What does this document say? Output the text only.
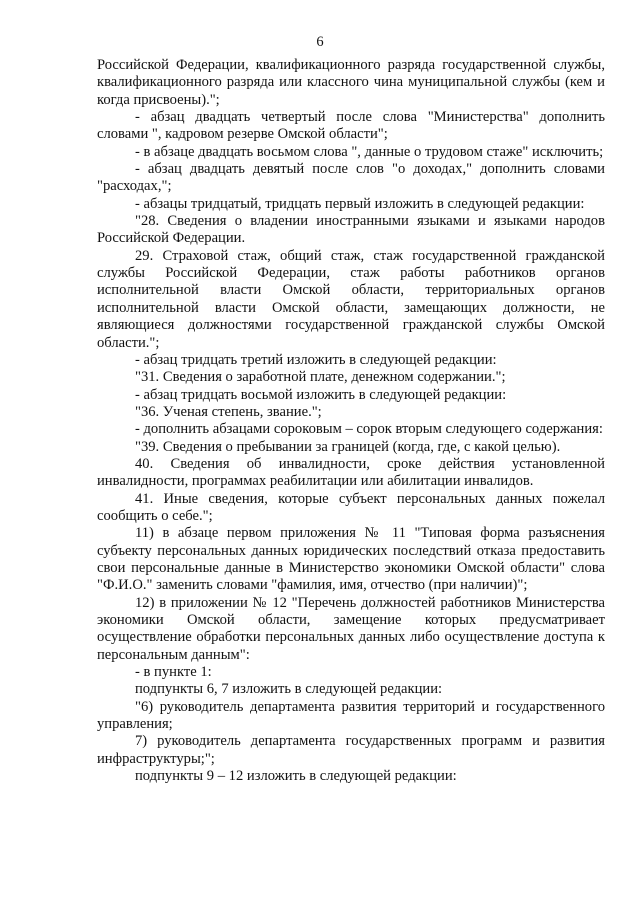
6

Российской Федерации, квалификационного разряда государственной службы, квалификационного разряда или классного чина муниципальной службы (кем и когда присвоены).";

- абзац двадцать четвертый после слова "Министерства" дополнить словами ", кадровом резерве Омской области";

- в абзаце двадцать восьмом слова ", данные о трудовом стаже" исключить;

- абзац двадцать девятый после слов "о доходах," дополнить словами "расходах,";

- абзацы тридцатый, тридцать первый изложить в следующей редакции:

"28. Сведения о владении иностранными языками и языками народов Российской Федерации.

29. Страховой стаж, общий стаж, стаж государственной гражданской службы Российской Федерации, стаж работы работников органов исполнительной власти Омской области, территориальных органов исполнительной власти Омской области, замещающих должности, не являющиеся должностями государственной гражданской службы Омской области.";

- абзац тридцать третий изложить в следующей редакции:

"31. Сведения о заработной плате, денежном содержании.";

- абзац тридцать восьмой изложить в следующей редакции:

"36. Ученая степень, звание.";

- дополнить абзацами сороковым – сорок вторым следующего содержания:

"39. Сведения о пребывании за границей (когда, где, с какой целью).

40. Сведения об инвалидности, сроке действия установленной инвалидности, программах реабилитации или абилитации инвалидов.

41. Иные сведения, которые субъект персональных данных пожелал сообщить о себе.";

11) в абзаце первом приложения № 11 "Типовая форма разъяснения субъекту персональных данных юридических последствий отказа предоставить свои персональные данные в Министерство экономики Омской области" слова "Ф.И.О." заменить словами "фамилия, имя, отчество (при наличии)";

12) в приложении № 12 "Перечень должностей работников Министерства экономики Омской области, замещение которых предусматривает осуществление обработки персональных данных либо осуществление доступа к персональным данным":

- в пункте 1:

подпункты 6, 7 изложить в следующей редакции:

"6) руководитель департамента развития территорий и государственного управления;

7) руководитель департамента государственных программ и развития инфраструктуры;";

подпункты 9 – 12 изложить в следующей редакции:
